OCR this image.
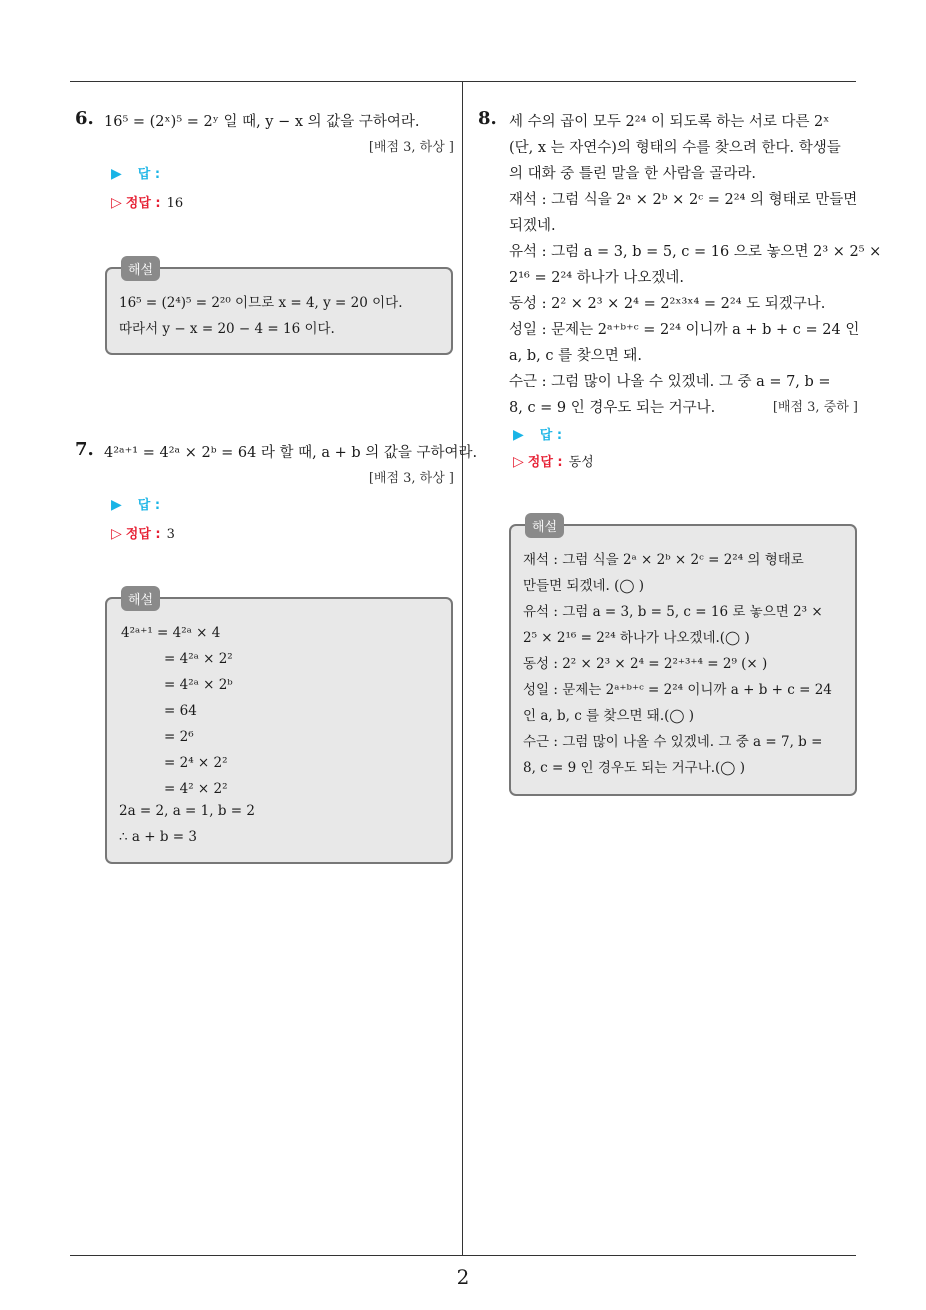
6. 16⁵ = (2ˣ)⁵ = 2ʸ 일 때, y − x 의 값을 구하여라.
[배점 3, 하상 ]
▶ 답 :
▷ 정답 : 16
해설
16⁵ = (2⁴)⁵ = 2²⁰ 이므로 x = 4, y = 20 이다.
따라서 y − x = 20 − 4 = 16 이다.
7. 4²ᵃ⁺¹ = 4²ᵃ × 2ᵇ = 64 라 할 때, a + b 의 값을 구하여라.
[배점 3, 하상 ]
▶ 답 :
▷ 정답 : 3
해설
4²ᵃ⁺¹ = 4²ᵃ × 4
= 4²ᵃ × 2²
= 4²ᵃ × 2ᵇ
= 64
= 2⁶
= 2⁴ × 2²
= 4² × 2²
2a = 2, a = 1, b = 2
∴ a + b = 3
8. 세 수의 곱이 모두 2²⁴ 이 되도록 하는 서로 다른 2ˣ
(단, x 는 자연수)의 형태의 수를 찾으려 한다. 학생들
의 대화 중 틀린 말을 한 사람을 골라라.
재석 : 그럼 식을 2ᵃ × 2ᵇ × 2ᶜ = 2²⁴ 의 형태로 만들면
되겠네.
유석 : 그럼 a = 3, b = 5, c = 16 으로 놓으면 2³ × 2⁵ ×
2¹⁶ = 2²⁴ 하나가 나오겠네.
동성 : 2² × 2³ × 2⁴ = 2²ˣ³ˣ⁴ = 2²⁴ 도 되겠구나.
성일 : 문제는 2ᵃ⁺ᵇ⁺ᶜ = 2²⁴ 이니까 a + b + c = 24 인
a, b, c 를 찾으면 돼.
수근 : 그럼 많이 나올 수 있겠네. 그 중 a = 7, b =
8, c = 9 인 경우도 되는 거구나.	[배점 3, 중하 ]
▶ 답 :
▷ 정답 : 동성
해설
재석 : 그럼 식을 2ᵃ × 2ᵇ × 2ᶜ = 2²⁴ 의 형태로
만들면 되겠네. (◯ )
유석 : 그럼 a = 3, b = 5, c = 16 로 놓으면 2³ ×
2⁵ × 2¹⁶ = 2²⁴ 하나가 나오겠네.(◯ )
동성 : 2² × 2³ × 2⁴ = 2²⁺³⁺⁴ = 2⁹ (× )
성일 : 문제는 2ᵃ⁺ᵇ⁺ᶜ = 2²⁴ 이니까 a + b + c = 24
인 a, b, c 를 찾으면 돼.(◯ )
수근 : 그럼 많이 나올 수 있겠네. 그 중 a = 7, b =
8, c = 9 인 경우도 되는 거구나.(◯ )
2
